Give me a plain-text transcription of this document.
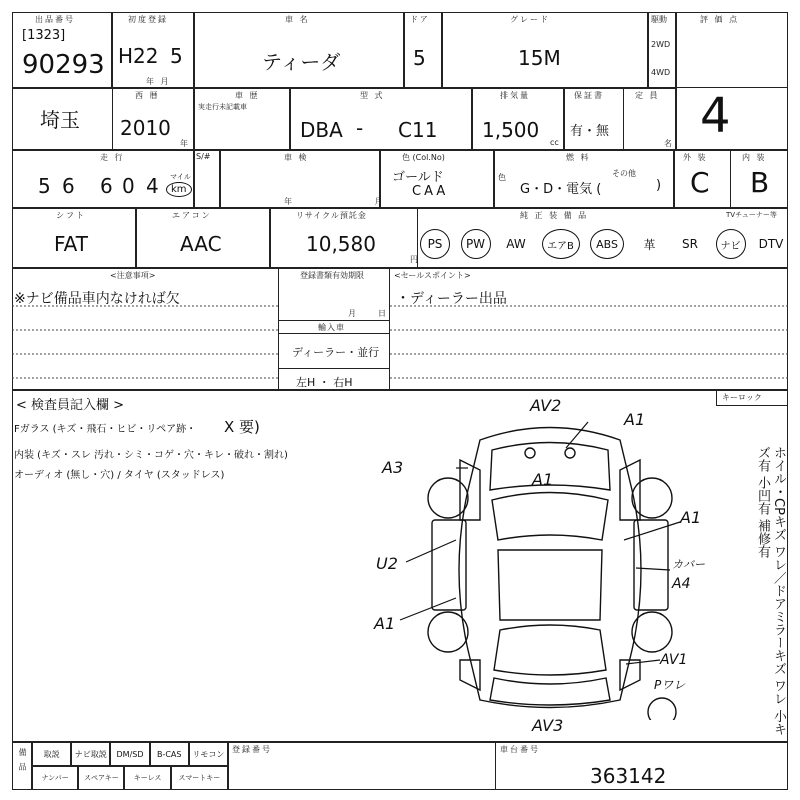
出品番号
[1323]
90293
初度登録
H22 5
年 月
車 名
ティーダ
ドア
5
グレード
15M
駆動
2WD
4WD
評 価 点
4
埼玉
西 暦
2010
年
車 歴
実走行未記載車
型 式
DBA - C11
排気量
1,500
cc
保証書
有・無
定 員
名
走 行
5 6 6 0 4 マイル
km
S/#	車 検
年 月
色 (Col.No)
ゴールド
CAA
色
燃 料
その他
G・D・電気 (	)
外 装
C
内 装
B
シフト
FAT
エアコン
AAC
リサイクル預託金
10,580
円
純 正 装 備 品	TVチューナー等
PS	PW	AW	エアB	ABS	革	SR	ナビ	DTV
<注意事項>
※ナビ備品車内なければ欠
登録書類有効期限
月	日
輸入車
ディーラー・並行
左H ・ 右H
<セールスポイント>
・ディーラー出品
< 検査員記入欄 >
Fガラス (キズ・飛石・ヒビ・リペア跡・ X 要)
内装 (キズ・スレ 汚れ・シミ・コゲ・穴・キレ・破れ・割れ)
オーディオ (無し・穴) / タイヤ (スタッドレス)
キーロック
ホイル・CPキズ ワレ／ドアミラーキズ ワレ 小キズ有 小凹有 補修有
AV2
A1
A1
A3
A1
U2	カバー
A4
A1
AV1
Pワレ
AV3
備 品	取説	ナビ取説	DM/SD	B-CAS	リモコン
ナンバー	スペアキー	キーレス	スマートキー
登録番号	車台番号
363142
